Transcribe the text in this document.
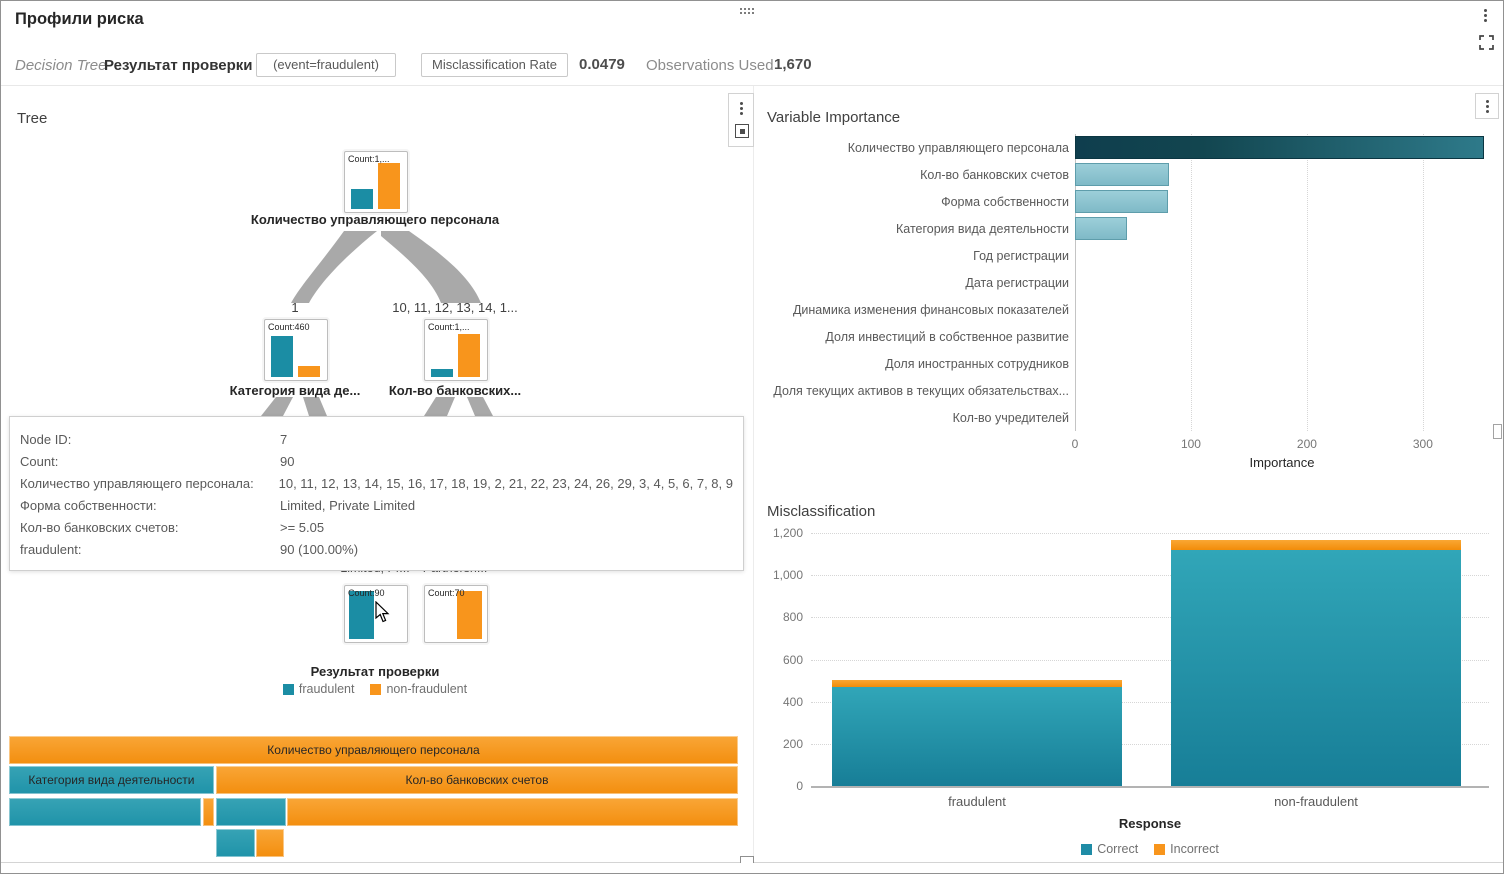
Профили риска
Decision Tree
Результат проверки	(event=fraudulent)	Misclassification Rate	0.0479 Observations Used 1,670
Tree
Count:1,...
Количество управляющего персонала
1	10, 11, 12, 13, 14, 1...
Count:460
Категория вида де...
Count:1,...
Кол-во банковских...
Count:90	Count:70
Node ID:	7
Count:	90
Количество управляющего персонала:	10, 11, 12, 13, 14, 15, 16, 17, 18, 19, 2, 21, 22, 23, 24, 26, 29, 3, 4, 5, 6, 7, 8, 9
Форма собственности:	Limited, Private Limited
Кол-во банковских счетов:	>= 5.05
fraudulent:	90 (100.00%)
Результат проверки
fraudulent	non-fraudulent
Количество управляющего персонала
Категория вида деятельности	Кол-во банковских счетов
Variable Importance
0	100	200	300
Количество управляющего персонала
Кол-во банковских счетов
Форма собственности
Категория вида деятельности
Год регистрации
Дата регистрации
Динамика изменения финансовых показателей
Доля инвестиций в собственное развитие
Доля иностранных сотрудников
Доля текущих активов в текущих обязательствах...
Кол-во учредителей
Importance
Misclassification
0
200
400
600
800
1,000
1,200
fraudulent	non-fraudulent
Response
Correct	Incorrect
